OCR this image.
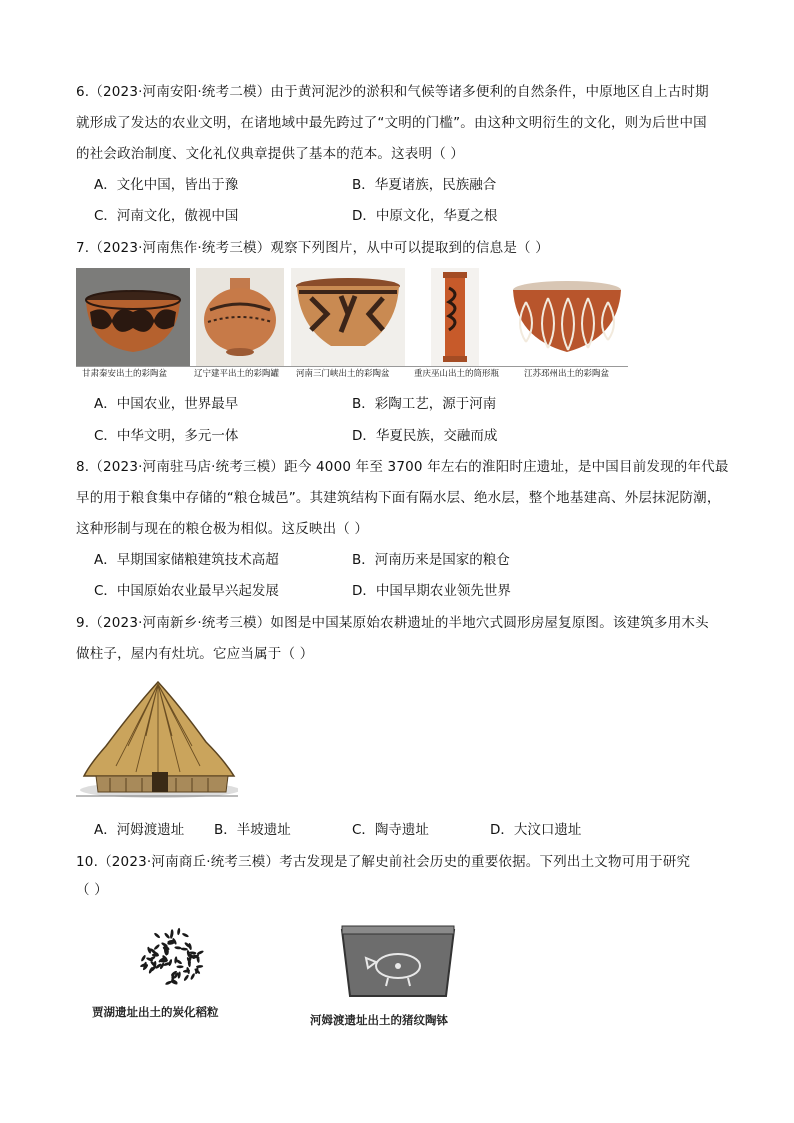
6.（2023·河南安阳·统考二模）由于黄河泥沙的淤积和气候等诸多便利的自然条件，中原地区自上古时期
就形成了发达的农业文明，在诸地域中最先跨过了“文明的门槛”。由这种文明衍生的文化，则为后世中国
的社会政治制度、文化礼仪典章提供了基本的范本。这表明（ ）
A．文化中国，皆出于豫	B．华夏诸族，民族融合
C．河南文化，傲视中国	D．中原文化，华夏之根
7.（2023·河南焦作·统考三模）观察下列图片，从中可以提取到的信息是（ ）
甘肃秦安出土的彩陶盆	辽宁建平出土的彩陶罐 河南三门峡出土的彩陶盆	重庆巫山出土的筒形瓶	江苏邳州出土的彩陶盆
A．中国农业，世界最早	B．彩陶工艺，源于河南
C．中华文明，多元一体	D．华夏民族，交融而成
8.（2023·河南驻马店·统考三模）距今 4000 年至 3700 年左右的淮阳时庄遗址，是中国目前发现的年代最
早的用于粮食集中存储的“粮仓城邑”。其建筑结构下面有隔水层、绝水层，整个地基建高、外层抹泥防潮，
这种形制与现在的粮仓极为相似。这反映出（ ）
A．早期国家储粮建筑技术高超	B．河南历来是国家的粮仓
C．中国原始农业最早兴起发展	D．中国早期农业领先世界
9.（2023·河南新乡·统考三模）如图是中国某原始农耕遗址的半地穴式圆形房屋复原图。该建筑多用木头
做柱子，屋内有灶坑。它应当属于（ ）
A．河姆渡遗址 B．半坡遗址	C．陶寺遗址	D．大汶口遗址
10.（2023·河南商丘·统考三模）考古发现是了解史前社会历史的重要依据。下列出土文物可用于研究
（ ）
贾湖遗址出土的炭化稻粒
河姆渡遗址出土的猪纹陶钵
